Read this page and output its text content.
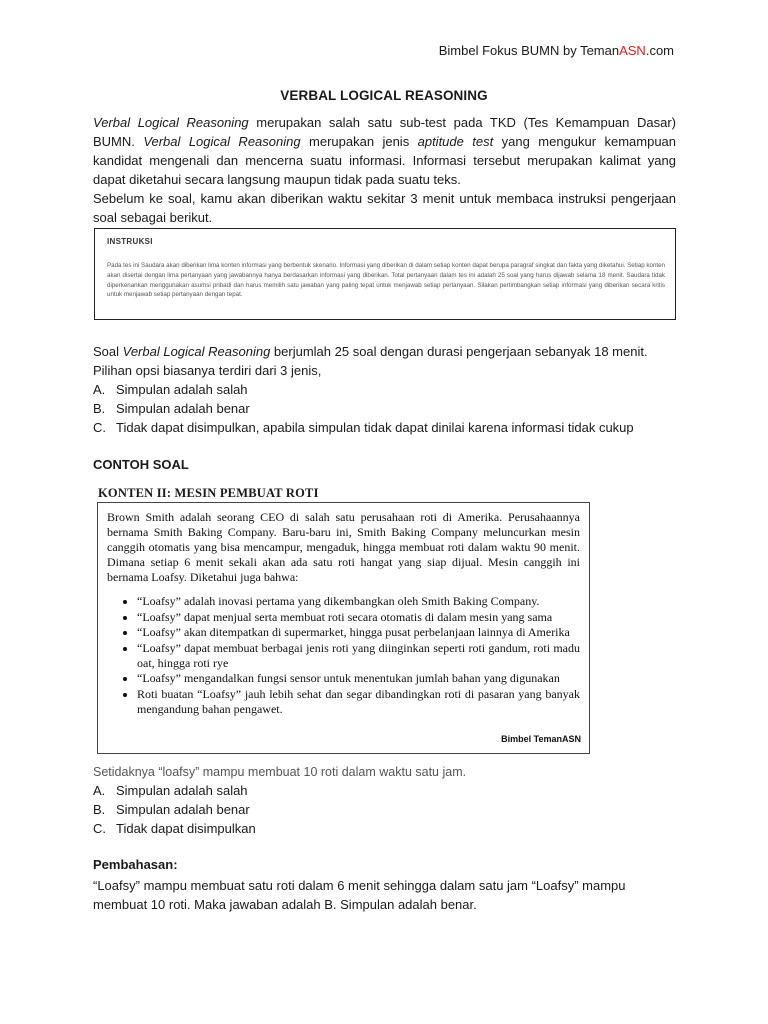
Bimbel Fokus BUMN by TemanASN.com
VERBAL LOGICAL REASONING
Verbal Logical Reasoning merupakan salah satu sub-test pada TKD (Tes Kemampuan Dasar) BUMN. Verbal Logical Reasoning merupakan jenis aptitude test yang mengukur kemampuan kandidat mengenali dan mencerna suatu informasi. Informasi tersebut merupakan kalimat yang dapat diketahui secara langsung maupun tidak pada suatu teks.
Sebelum ke soal, kamu akan diberikan waktu sekitar 3 menit untuk membaca instruksi pengerjaan soal sebagai berikut.
INSTRUKSI
Pada tes ini Saudara akan diberikan lima konten informasi yang berbentuk skenario. Informasi yang diberikan di dalam setiap konten dapat berupa paragraf singkat dan fakta yang diketahui. Setiap konten akan disertai dengan lima pertanyaan yang jawabannya hanya berdasarkan informasi yang diberikan. Total pertanyaan dalam tes ini adalah 25 soal yang harus dijawab selama 18 menit. Saudara tidak diperkenankan menggunakan asumsi pribadi dan harus memilih satu jawaban yang paling tepat untuk menjawab setiap pertanyaan. Silakan pertimbangkan setiap informasi yang diberikan secara kritis untuk menjawab setiap pertanyaan dengan tepat.
Soal Verbal Logical Reasoning berjumlah 25 soal dengan durasi pengerjaan sebanyak 18 menit.
Pilihan opsi biasanya terdiri dari 3 jenis,
A. Simpulan adalah salah
B. Simpulan adalah benar
C. Tidak dapat disimpulkan, apabila simpulan tidak dapat dinilai karena informasi tidak cukup
CONTOH SOAL
KONTEN II: MESIN PEMBUAT ROTI
Brown Smith adalah seorang CEO di salah satu perusahaan roti di Amerika. Perusahaannya bernama Smith Baking Company. Baru-baru ini, Smith Baking Company meluncurkan mesin canggih otomatis yang bisa mencampur, mengaduk, hingga membuat roti dalam waktu 90 menit. Dimana setiap 6 menit sekali akan ada satu roti hangat yang siap dijual. Mesin canggih ini bernama Loafsy. Diketahui juga bahwa:
• “Loafsy” adalah inovasi pertama yang dikembangkan oleh Smith Baking Company.
• “Loafsy” dapat menjual serta membuat roti secara otomatis di dalam mesin yang sama
• “Loafsy” akan ditempatkan di supermarket, hingga pusat perbelanjaan lainnya di Amerika
• “Loafsy” dapat membuat berbagai jenis roti yang diinginkan seperti roti gandum, roti madu oat, hingga roti rye
• “Loafsy” mengandalkan fungsi sensor untuk menentukan jumlah bahan yang digunakan
• Roti buatan “Loafsy” jauh lebih sehat dan segar dibandingkan roti di pasaran yang banyak mengandung bahan pengawet.
Bimbel TemanASN
Setidaknya “loafsy” mampu membuat 10 roti dalam waktu satu jam.
A. Simpulan adalah salah
B. Simpulan adalah benar
C. Tidak dapat disimpulkan
Pembahasan:
“Loafsy” mampu membuat satu roti dalam 6 menit sehingga dalam satu jam “Loafsy” mampu membuat 10 roti. Maka jawaban adalah B. Simpulan adalah benar.
